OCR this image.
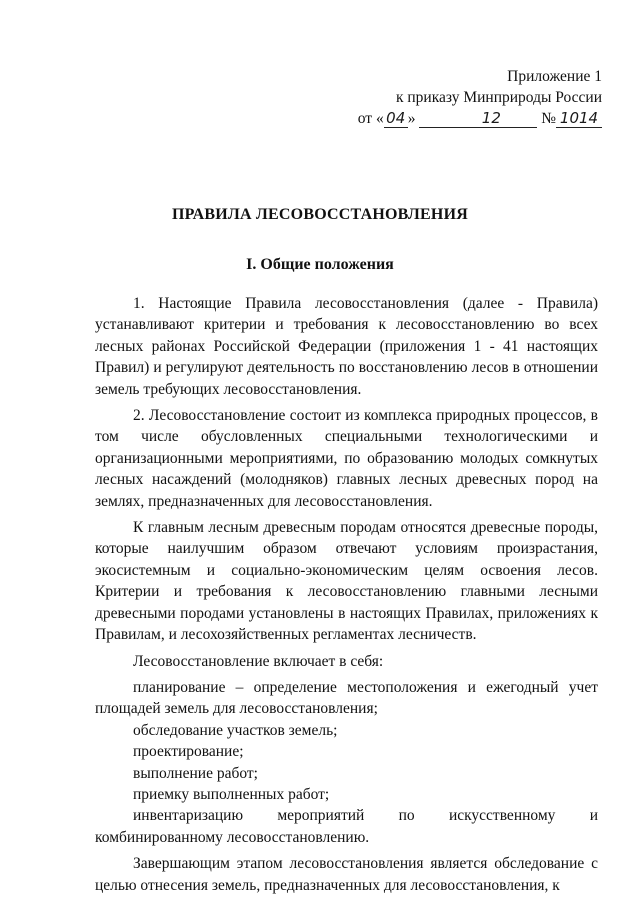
Приложение 1
к приказу Минприроды России
от « 04 »	12	№ 1014
ПРАВИЛА ЛЕСОВОССТАНОВЛЕНИЯ
I. Общие положения

1. Настоящие Правила лесовосстановления (далее - Правила) устанавливают критерии и требования к лесовосстановлению во всех лесных районах Российской Федерации (приложения 1 - 41 настоящих Правил) и регулируют деятельность по восстановлению лесов в отношении земель требующих лесовосстановления.

2. Лесовосстановление состоит из комплекса природных процессов, в том числе обусловленных специальными технологическими и организационными мероприятиями, по образованию молодых сомкнутых лесных насаждений (молодняков) главных лесных древесных пород на землях, предназначенных для лесовосстановления.

К главным лесным древесным породам относятся древесные породы, которые наилучшим образом отвечают условиям произрастания, экосистемным и социально-экономическим целям освоения лесов. Критерии и требования к лесовосстановлению главными лесными древесными породами установлены в настоящих Правилах, приложениях к Правилам, и лесохозяйственных регламентах лесничеств.

Лесовосстановление включает в себя:

планирование – определение местоположения и ежегодный учет площадей земель для лесовосстановления;

обследование участков земель;

проектирование;

выполнение работ;

приемку выполненных работ;

инвентаризацию мероприятий по искусственному и комбинированному лесовосстановлению.

Завершающим этапом лесовосстановления является обследование с целью отнесения земель, предназначенных для лесовосстановления, к
